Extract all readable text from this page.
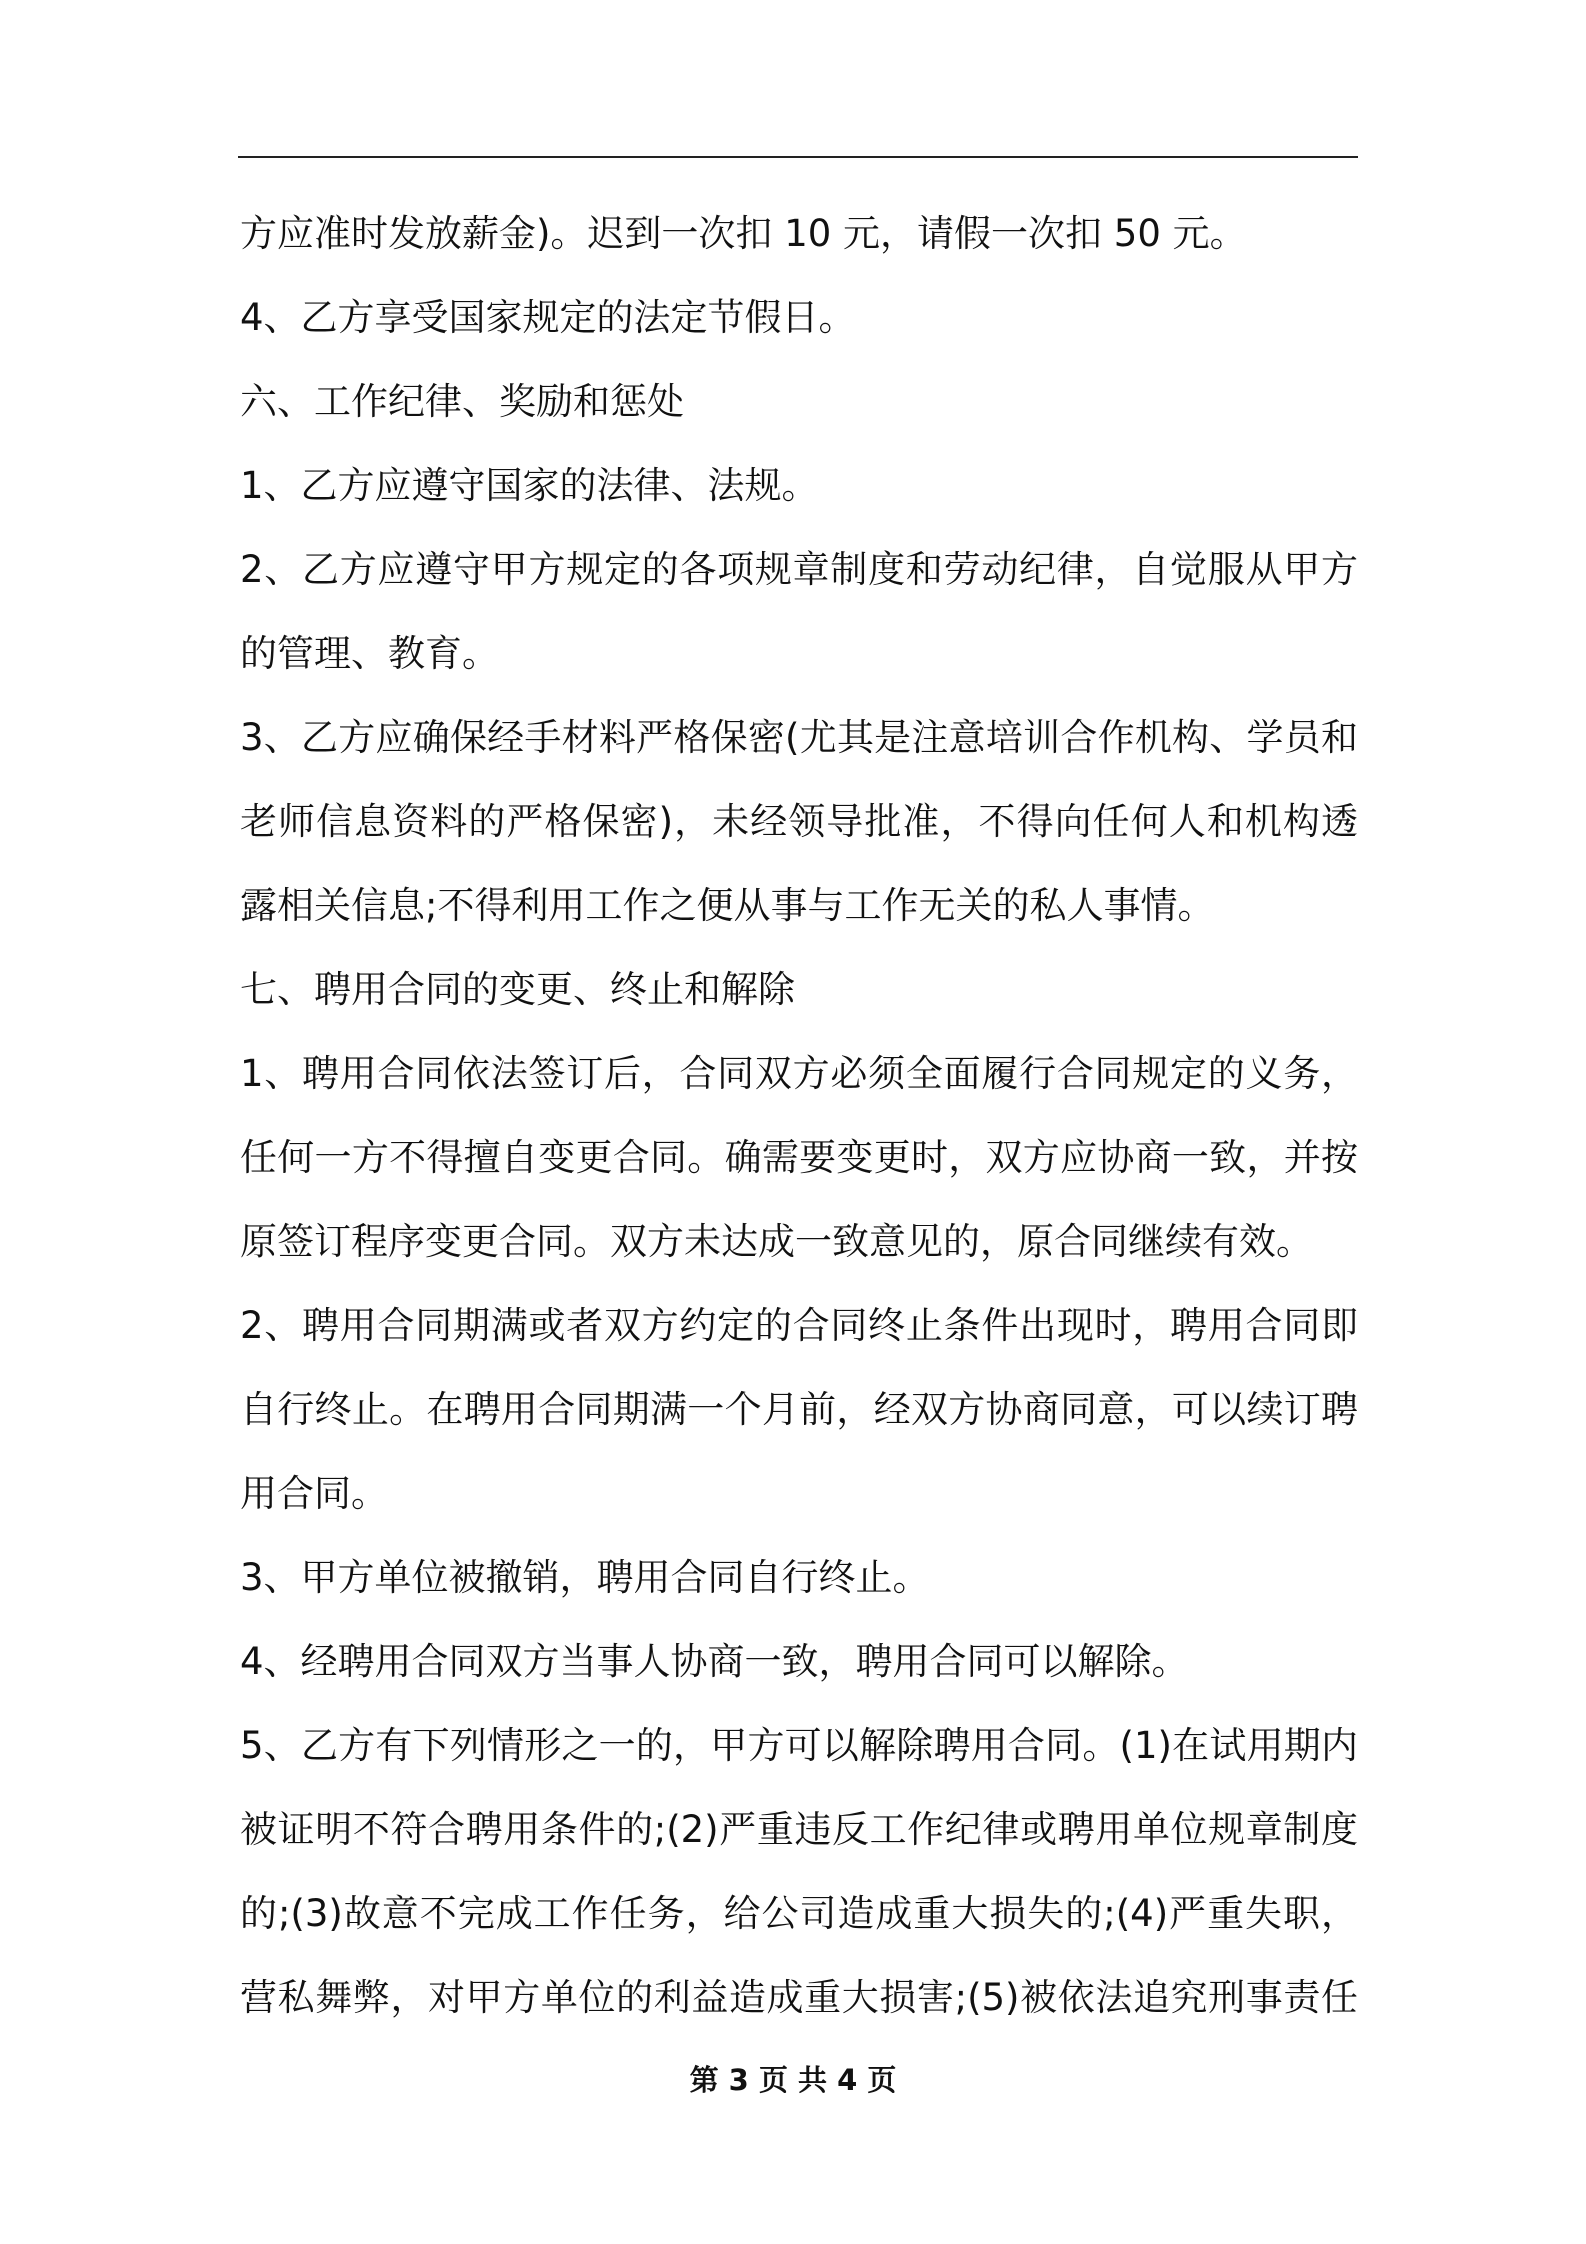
方应准时发放薪金)。迟到一次扣 10 元，请假一次扣 50 元。
4、乙方享受国家规定的法定节假日。
六、工作纪律、奖励和惩处
1、乙方应遵守国家的法律、法规。
2、乙方应遵守甲方规定的各项规章制度和劳动纪律，自觉服从甲方
的管理、教育。
3、乙方应确保经手材料严格保密(尤其是注意培训合作机构、学员和
老师信息资料的严格保密)，未经领导批准，不得向任何人和机构透
露相关信息;不得利用工作之便从事与工作无关的私人事情。
七、聘用合同的变更、终止和解除
1、聘用合同依法签订后，合同双方必须全面履行合同规定的义务，
任何一方不得擅自变更合同。确需要变更时，双方应协商一致，并按
原签订程序变更合同。双方未达成一致意见的，原合同继续有效。
2、聘用合同期满或者双方约定的合同终止条件出现时，聘用合同即
自行终止。在聘用合同期满一个月前，经双方协商同意，可以续订聘
用合同。
3、甲方单位被撤销，聘用合同自行终止。
4、经聘用合同双方当事人协商一致，聘用合同可以解除。
5、乙方有下列情形之一的，甲方可以解除聘用合同。(1)在试用期内
被证明不符合聘用条件的;(2)严重违反工作纪律或聘用单位规章制度
的;(3)故意不完成工作任务，给公司造成重大损失的;(4)严重失职，
营私舞弊，对甲方单位的利益造成重大损害;(5)被依法追究刑事责任
第 3 页 共 4 页
